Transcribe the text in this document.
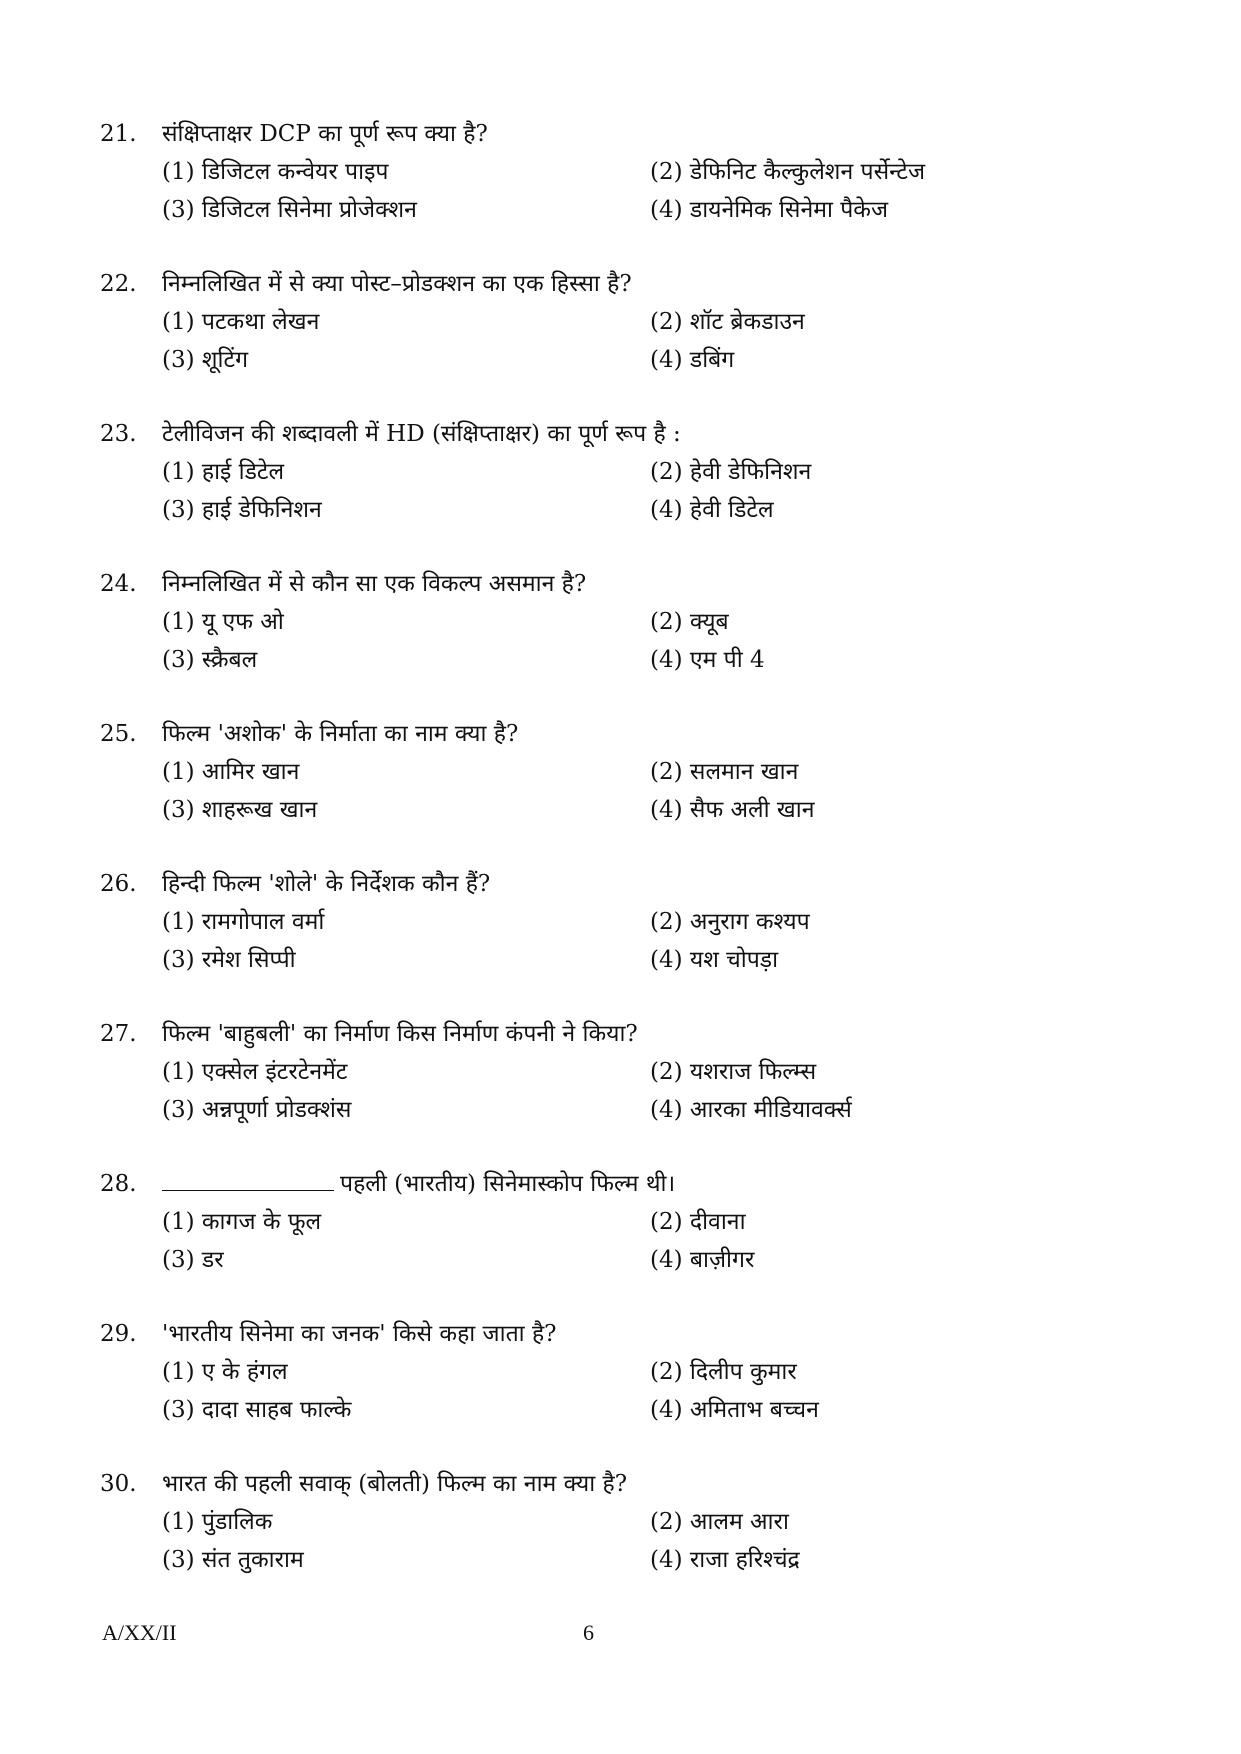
21. संक्षिप्ताक्षर DCP का पूर्ण रूप क्या है?
(1) डिजिटल कन्वेयर पाइप	(2) डेफिनिट कैल्कुलेशन पर्सेन्टेज
(3) डिजिटल सिनेमा प्रोजेक्शन	(4) डायनेमिक सिनेमा पैकेज
22. निम्नलिखित में से क्या पोस्ट–प्रोडक्शन का एक हिस्सा है?
(1) पटकथा लेखन	(2) शॉट ब्रेकडाउन
(3) शूटिंग	(4) डबिंग
23. टेलीविजन की शब्दावली में HD (संक्षिप्ताक्षर) का पूर्ण रूप है :
(1) हाई डिटेल	(2) हेवी डेफिनिशन
(3) हाई डेफिनिशन	(4) हेवी डिटेल
24. निम्नलिखित में से कौन सा एक विकल्प असमान है?
(1) यू एफ ओ	(2) क्यूब
(3) स्क्रैबल	(4) एम पी 4
25. फिल्म 'अशोक' के निर्माता का नाम क्या है?
(1) आमिर खान	(2) सलमान खान
(3) शाहरूख खान	(4) सैफ अली खान
26. हिन्दी फिल्म 'शोले' के निर्देशक कौन हैं?
(1) रामगोपाल वर्मा	(2) अनुराग कश्यप
(3) रमेश सिप्पी	(4) यश चोपड़ा
27. फिल्म 'बाहुबली' का निर्माण किस निर्माण कंपनी ने किया?
(1) एक्सेल इंटरटेनमेंट	(2) यशराज फिल्म्स
(3) अन्नपूर्णा प्रोडक्शंस	(4) आरका मीडियावर्क्स
28.	पहली (भारतीय) सिनेमास्कोप फिल्म थी।
(1) कागज के फूल	(2) दीवाना
(3) डर	(4) बाज़ीगर
29. 'भारतीय सिनेमा का जनक' किसे कहा जाता है?
(1) ए के हंगल	(2) दिलीप कुमार
(3) दादा साहब फाल्के	(4) अमिताभ बच्चन
30. भारत की पहली सवाक् (बोलती) फिल्म का नाम क्या है?
(1) पुंडालिक	(2) आलम आरा
(3) संत तुकाराम	(4) राजा हरिश्चंद्र
A/XX/II	6
